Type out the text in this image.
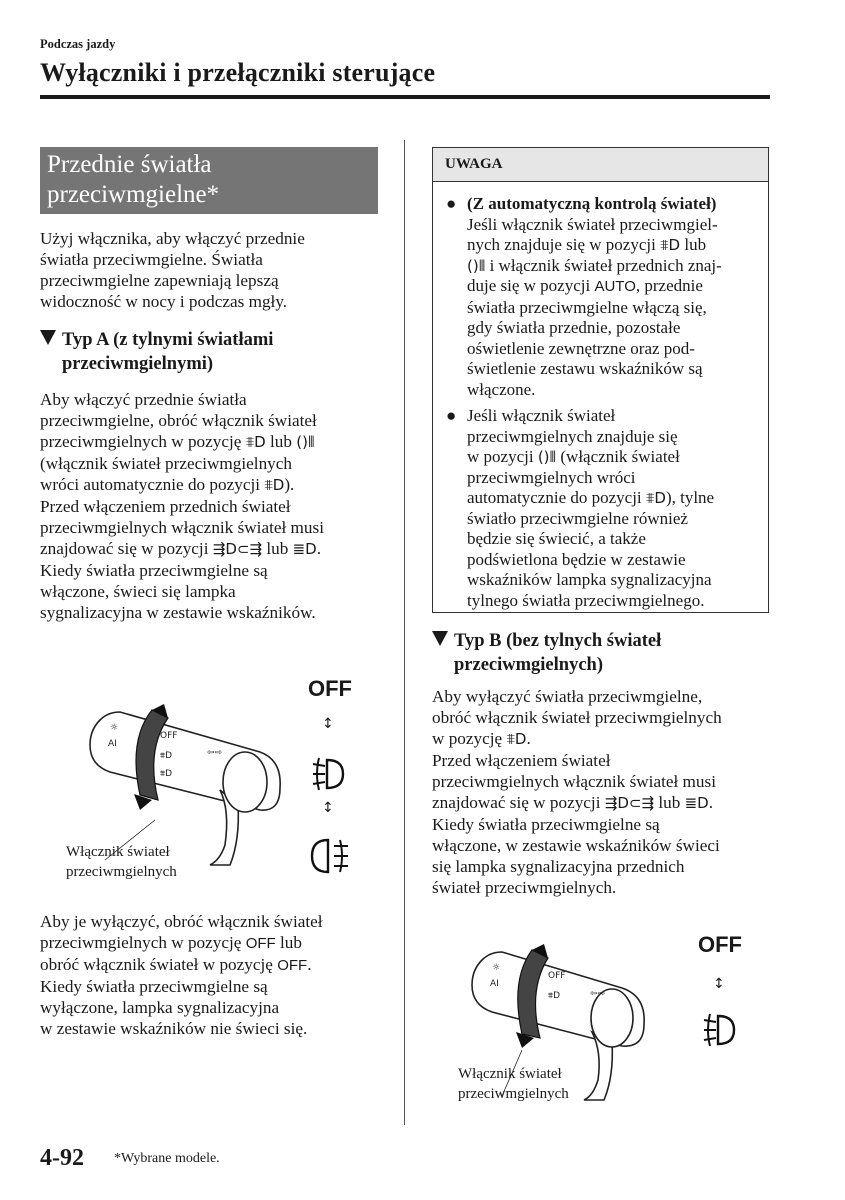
Podczas jazdy
Wyłączniki i przełączniki sterujące
Przednie światła
przeciwmgielne*
Użyj włącznika, aby włączyć przednie
światła przeciwmgielne. Światła
przeciwmgielne zapewniają lepszą
widoczność w nocy i podczas mgły.
Typ A (z tylnymi światłami
przeciwmgielnymi)
Aby włączyć przednie światła
przeciwmgielne, obróć włącznik świateł
przeciwmgielnych w pozycję ⩨D lub ()⦀
(włącznik świateł przeciwmgielnych
wróci automatycznie do pozycji ⩨D).
Przed włączeniem przednich świateł
przeciwmgielnych włącznik świateł musi
znajdować się w pozycji ⇶D⊂⇶ lub ≣D.
Kiedy światła przeciwmgielne są
włączone, świeci się lampka
sygnalizacyjna w zestawie wskaźników.
☼
AI
OFF
⩨D
⩨D
⇦⇨
OFF
↕
↕
Włącznik świateł
przeciwmgielnych
Aby je wyłączyć, obróć włącznik świateł
przeciwmgielnych w pozycję OFF lub
obróć włącznik świateł w pozycję OFF.
Kiedy światła przeciwmgielne są
wyłączone, lampka sygnalizacyjna
w zestawie wskaźników nie świeci się.
UWAGA
● (Z automatyczną kontrolą świateł)
Jeśli włącznik świateł przeciwmgiel-
nych znajduje się w pozycji ⩨D lub
()⦀ i włącznik świateł przednich znaj-
duje się w pozycji AUTO, przednie
światła przeciwmgielne włączą się,
gdy światła przednie, pozostałe
oświetlenie zewnętrzne oraz pod-
świetlenie zestawu wskaźników są
włączone.
● Jeśli włącznik świateł
przeciwmgielnych znajduje się
w pozycji ()⦀ (włącznik świateł
przeciwmgielnych wróci
automatycznie do pozycji ⩨D), tylne
światło przeciwmgielne również
będzie się świecić, a także
podświetlona będzie w zestawie
wskaźników lampka sygnalizacyjna
tylnego światła przeciwmgielnego.
Typ B (bez tylnych świateł
przeciwmgielnych)
Aby wyłączyć światła przeciwmgielne,
obróć włącznik świateł przeciwmgielnych
w pozycję ⩨D.
Przed włączeniem świateł
przeciwmgielnych włącznik świateł musi
znajdować się w pozycji ⇶D⊂⇶ lub ≣D.
Kiedy światła przeciwmgielne są
włączone, w zestawie wskaźników świeci
się lampka sygnalizacyjna przednich
świateł przeciwmgielnych.
☼
AI
OFF
⩨D	⇦⇨
OFF
↕
Włącznik świateł
przeciwmgielnych
4-92 *Wybrane modele.
